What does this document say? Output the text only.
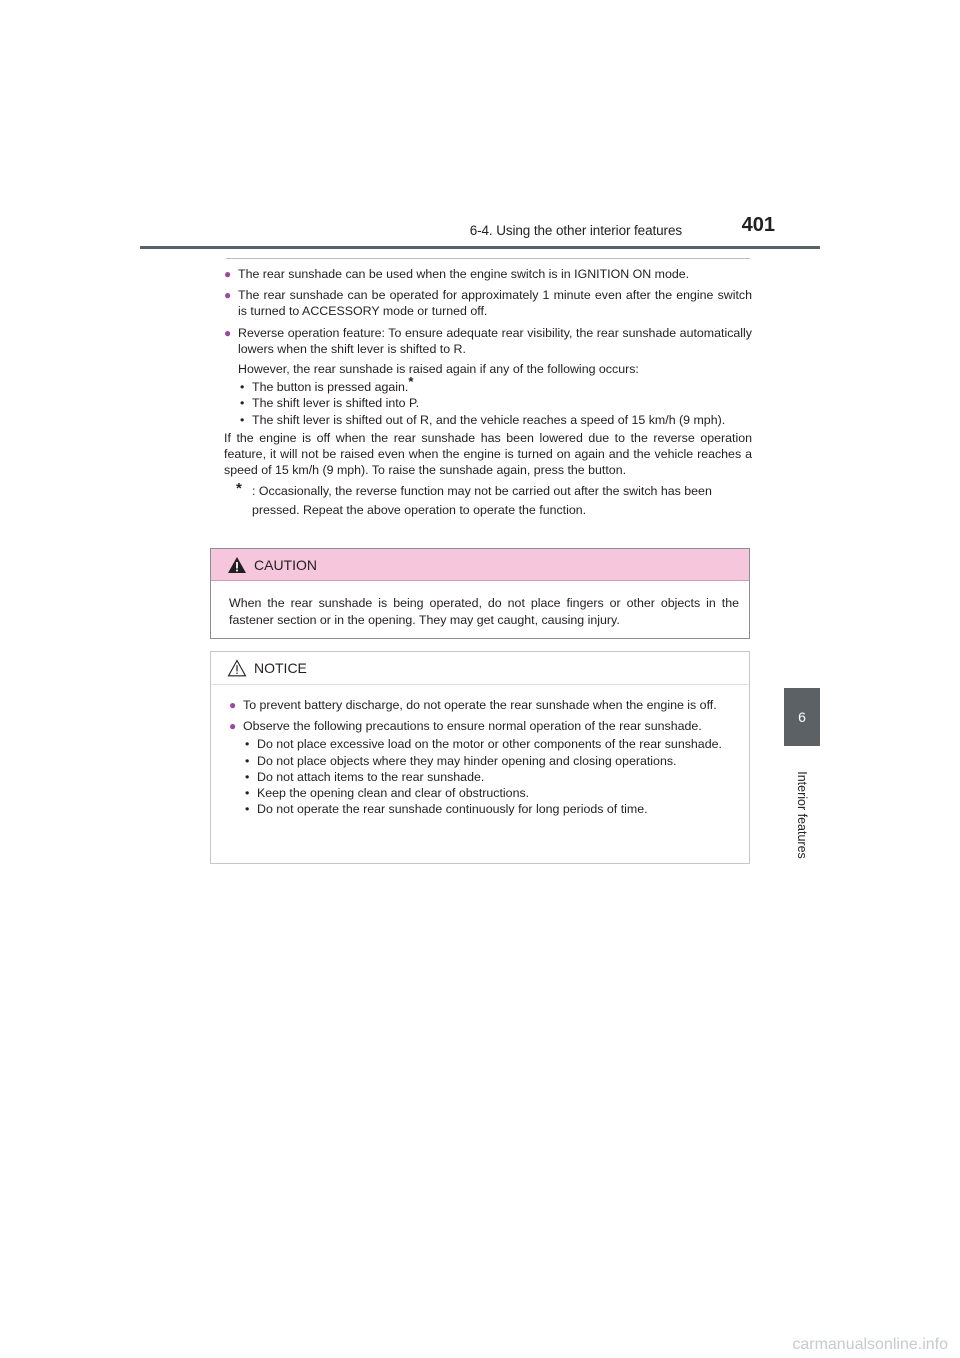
6-4. Using the other interior features	401
6
Interior features
● The rear sunshade can be used when the engine switch is in IGNITION ON mode.
● The rear sunshade can be operated for approximately 1 minute even after the engine switch is turned to ACCESSORY mode or turned off.
● Reverse operation feature: To ensure adequate rear visibility, the rear sunshade automatically lowers when the shift lever is shifted to R.
However, the rear sunshade is raised again if any of the following occurs:
• The button is pressed again.*
• The shift lever is shifted into P.
• The shift lever is shifted out of R, and the vehicle reaches a speed of 15 km/h (9 mph).
If the engine is off when the rear sunshade has been lowered due to the reverse operation feature, it will not be raised even when the engine is turned on again and the vehicle reaches a speed of 15 km/h (9 mph). To raise the sunshade again, press the button.
* : Occasionally, the reverse function may not be carried out after the switch has been pressed. Repeat the above operation to operate the function.
CAUTION
When the rear sunshade is being operated, do not place fingers or other objects in the fastener section or in the opening. They may get caught, causing injury.
NOTICE
● To prevent battery discharge, do not operate the rear sunshade when the engine is off.
● Observe the following precautions to ensure normal operation of the rear sunshade.
• Do not place excessive load on the motor or other components of the rear sunshade.
• Do not place objects where they may hinder opening and closing operations.
• Do not attach items to the rear sunshade.
• Keep the opening clean and clear of obstructions.
• Do not operate the rear sunshade continuously for long periods of time.
carmanualsonline.info
